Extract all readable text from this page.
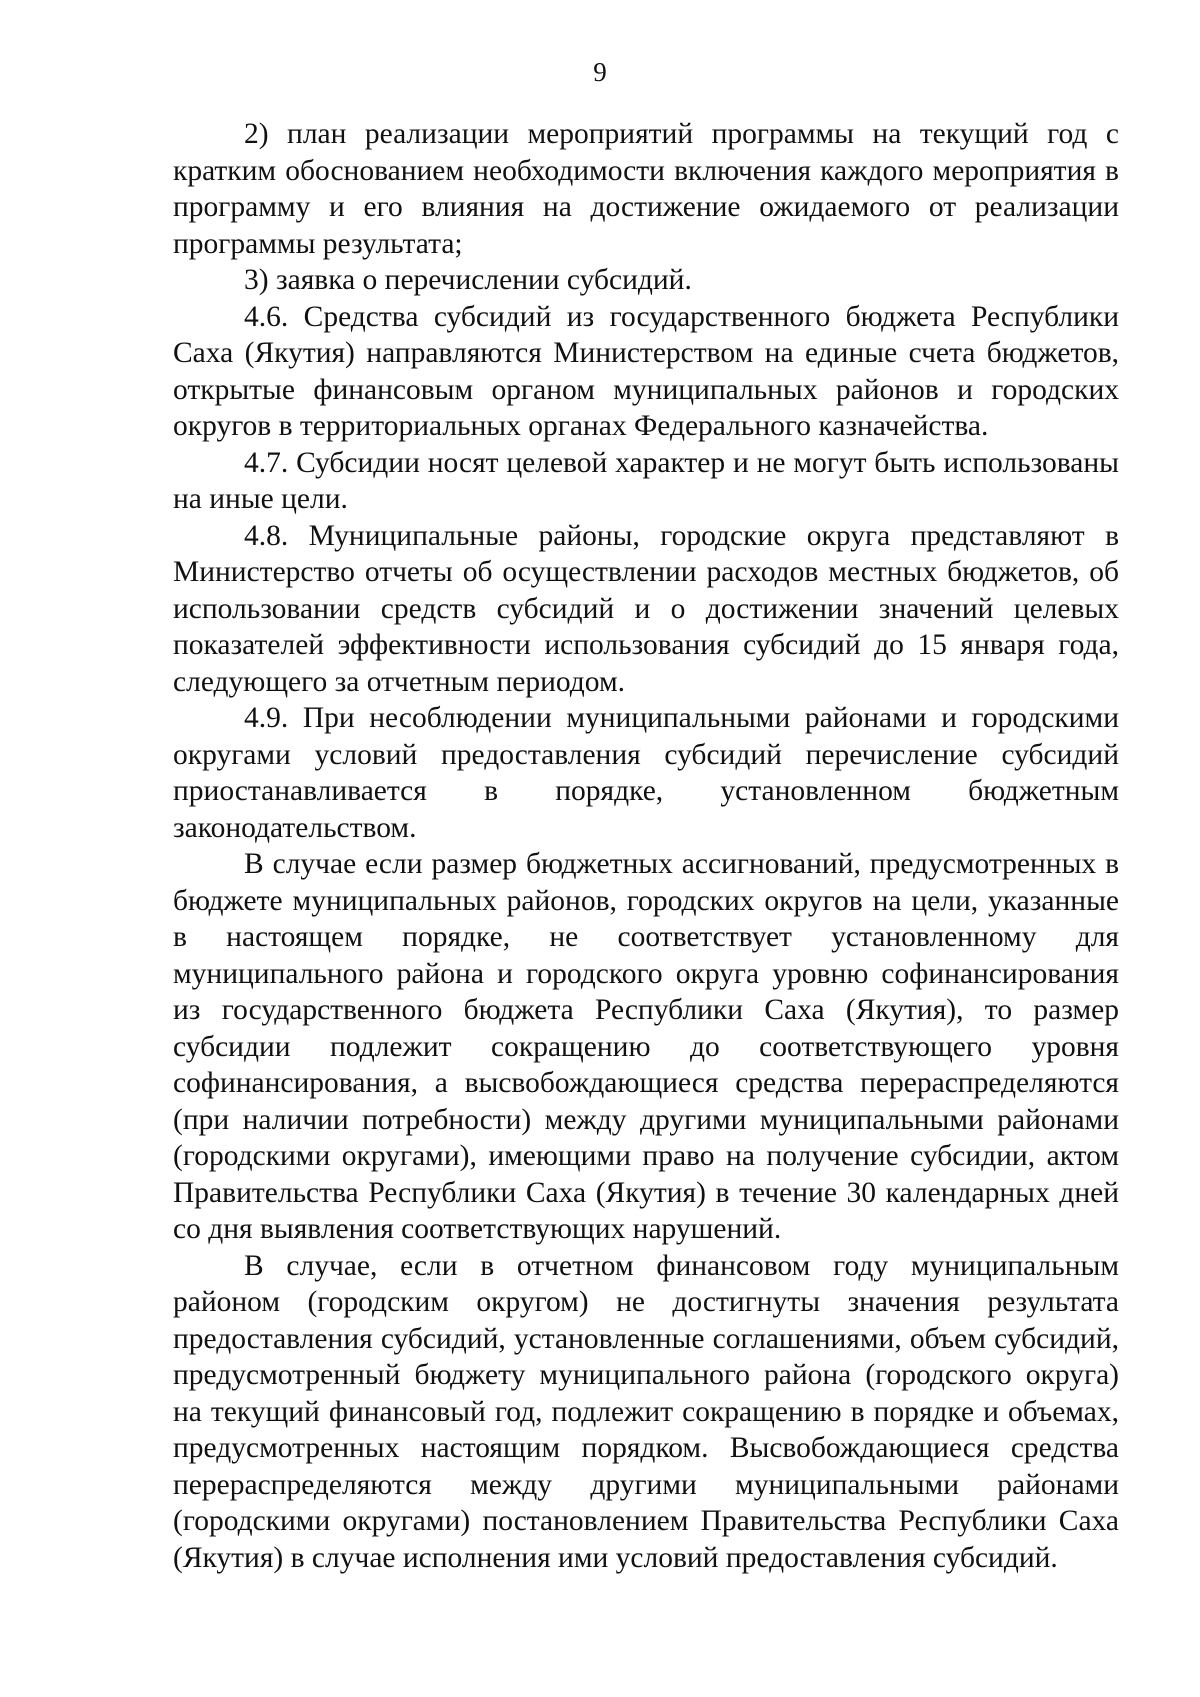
9

2) план реализации мероприятий программы на текущий год с кратким обоснованием необходимости включения каждого мероприятия в программу и его влияния на достижение ожидаемого от реализации программы результата;

3) заявка о перечислении субсидий.

4.6. Средства субсидий из государственного бюджета Республики Саха (Якутия) направляются Министерством на единые счета бюджетов, открытые финансовым органом муниципальных районов и городских округов в территориальных органах Федерального казначейства.

4.7. Субсидии носят целевой характер и не могут быть использованы на иные цели.

4.8. Муниципальные районы, городские округа представляют в Министерство отчеты об осуществлении расходов местных бюджетов, об использовании средств субсидий и о достижении значений целевых показателей эффективности использования субсидий до 15 января года, следующего за отчетным периодом.

4.9. При несоблюдении муниципальными районами и городскими округами условий предоставления субсидий перечисление субсидий приостанавливается в порядке, установленном бюджетным законодательством.

В случае если размер бюджетных ассигнований, предусмотренных в бюджете муниципальных районов, городских округов на цели, указанные в настоящем порядке, не соответствует установленному для муниципального района и городского округа уровню софинансирования из государственного бюджета Республики Саха (Якутия), то размер субсидии подлежит сокращению до соответствующего уровня софинансирования, а высвобождающиеся средства перераспределяются (при наличии потребности) между другими муниципальными районами (городскими округами), имеющими право на получение субсидии, актом Правительства Республики Саха (Якутия) в течение 30 календарных дней со дня выявления соответствующих нарушений.

В случае, если в отчетном финансовом году муниципальным районом (городским округом) не достигнуты значения результата предоставления субсидий, установленные соглашениями, объем субсидий, предусмотренный бюджету муниципального района (городского округа) на текущий финансовый год, подлежит сокращению в порядке и объемах, предусмотренных настоящим порядком. Высвобождающиеся средства перераспределяются между другими муниципальными районами (городскими округами) постановлением Правительства Республики Саха (Якутия) в случае исполнения ими условий предоставления субсидий.
